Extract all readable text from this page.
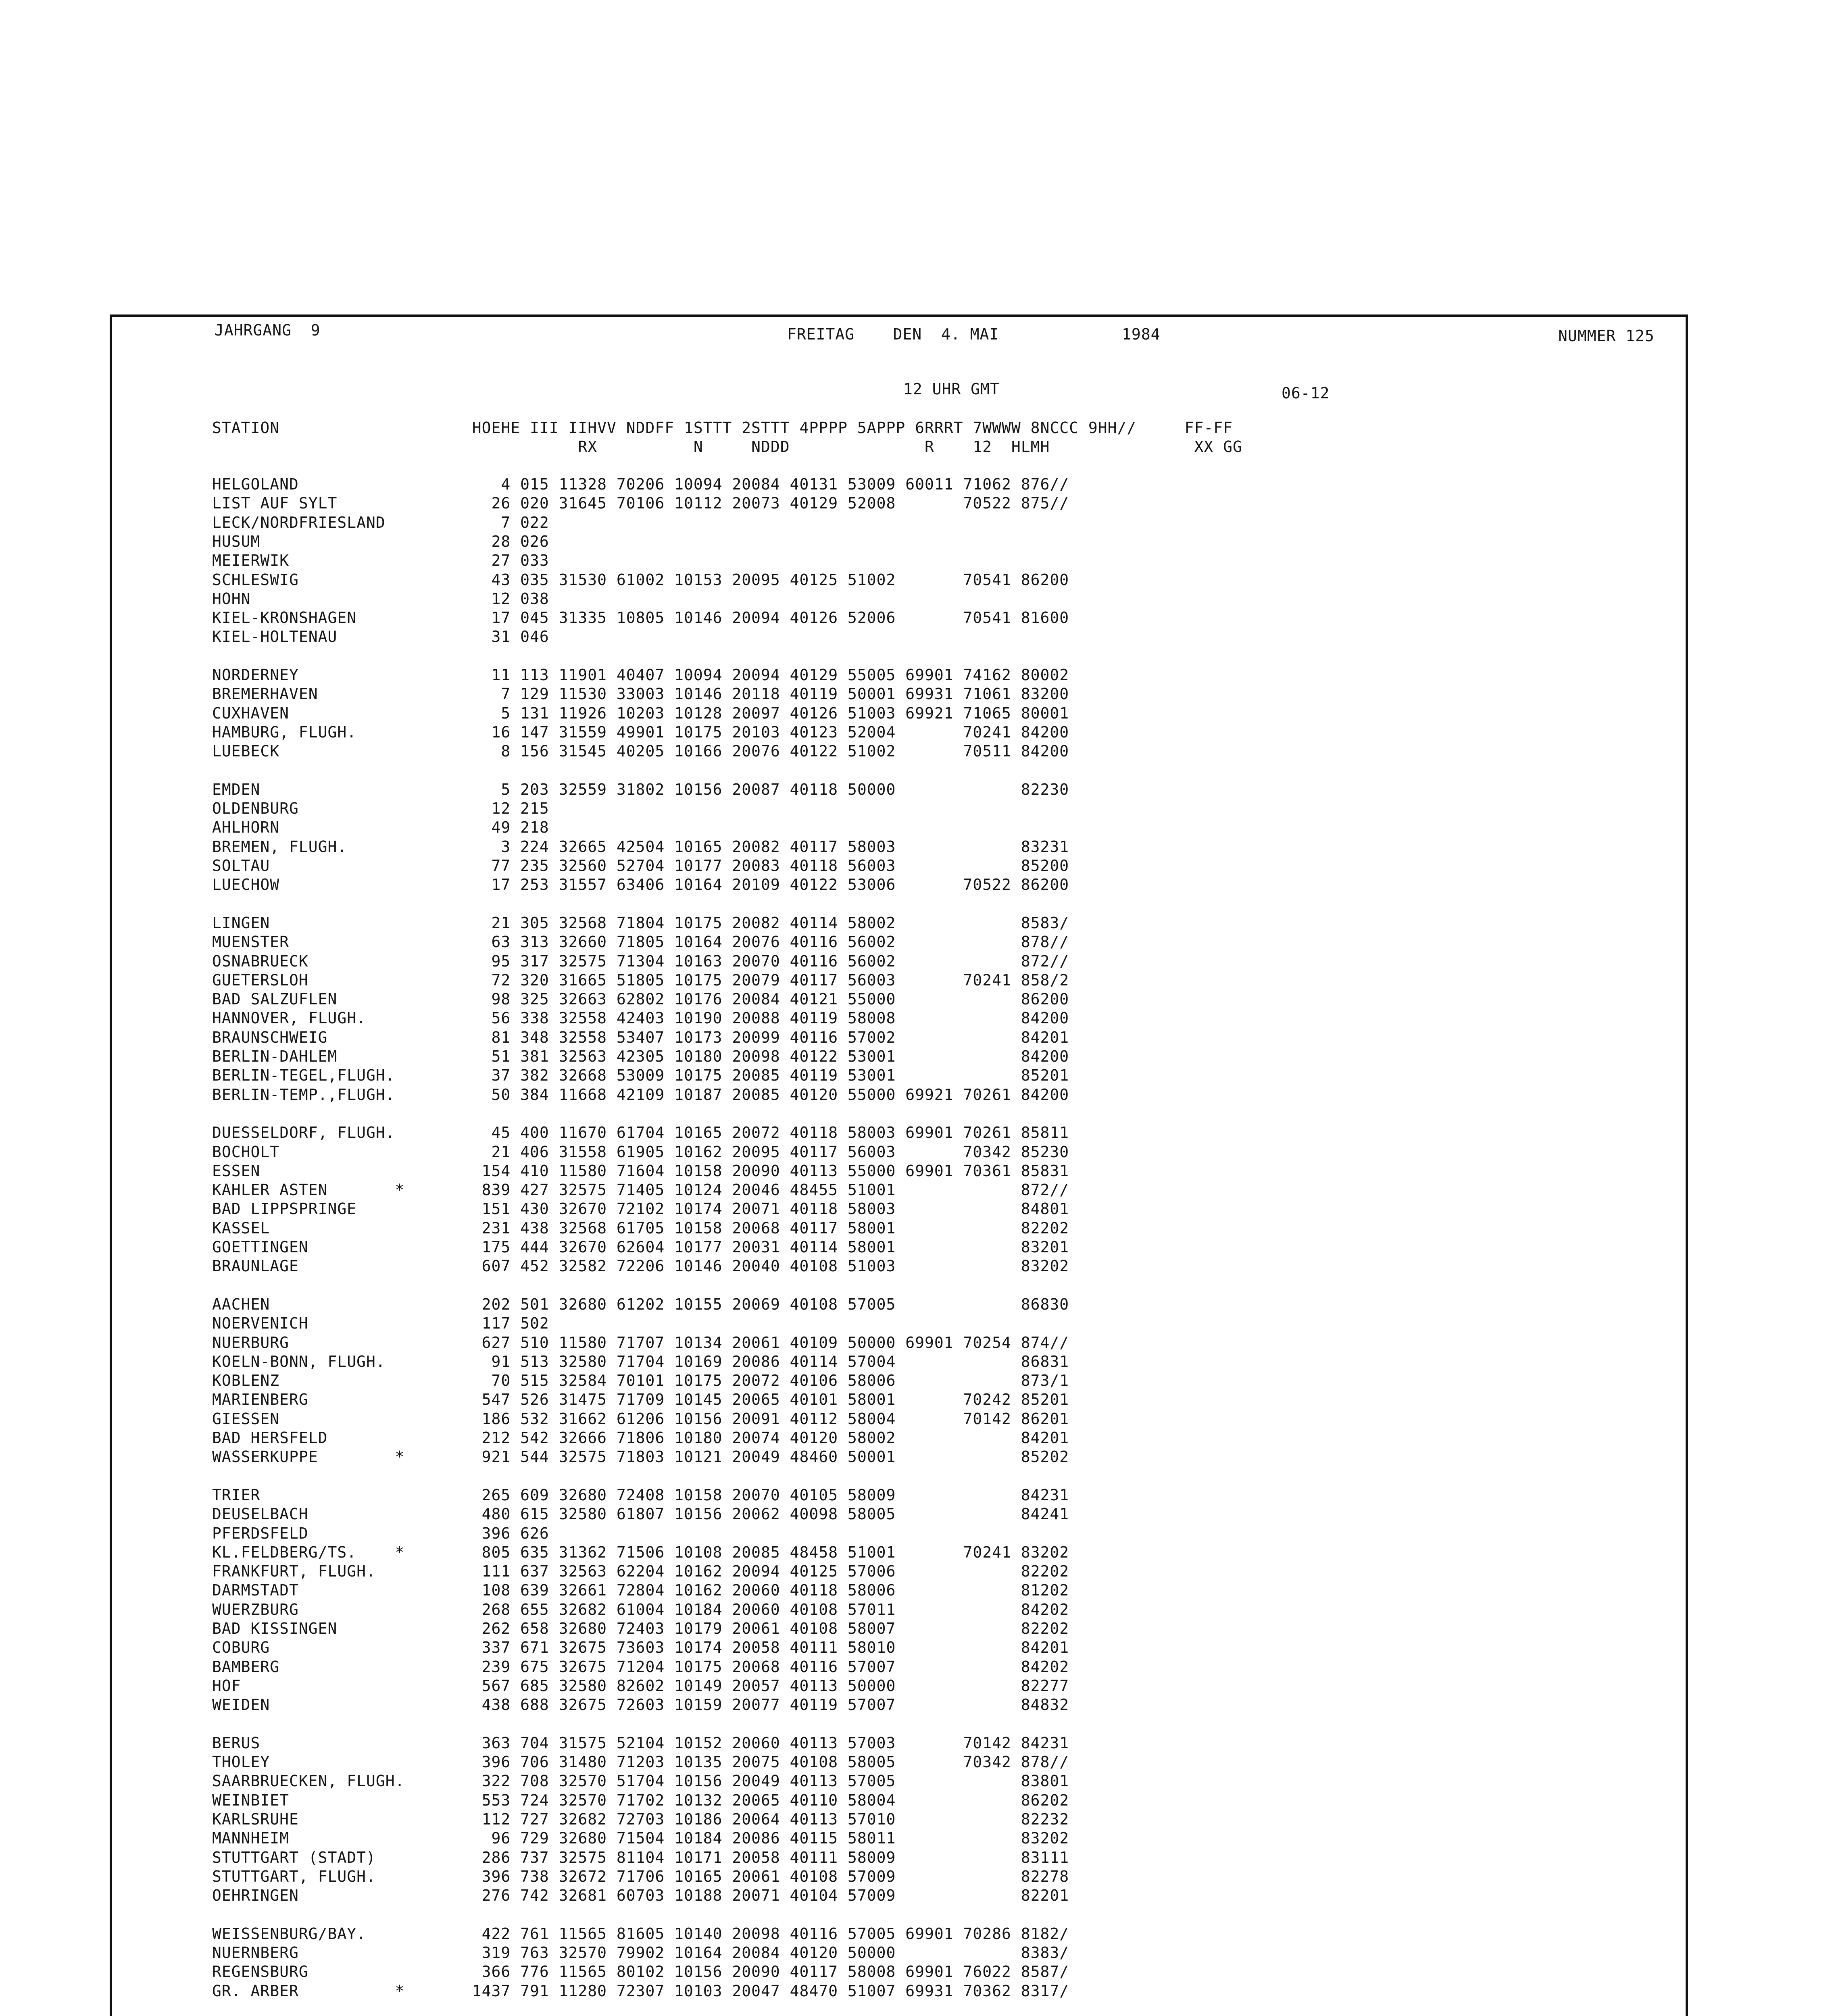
JAHRGANG  9	FREITAG    DEN  4. MAI	1984	NUMMER 125
12 UHR GMT	06-12
STATION                    HOEHE III IIHVV NDDFF 1STTT 2STTT 4PPPP 5APPP 6RRRT 7WWWW 8NCCC 9HH//     FF-FF
RX          N     NDDD              R    12  HLMH               XX GG
HELGOLAND                     4 015 11328 70206 10094 20084 40131 53009 60011 71062 876//
LIST AUF SYLT                26 020 31645 70106 10112 20073 40129 52008       70522 875//
LECK/NORDFRIESLAND            7 022
HUSUM                        28 026
MEIERWIK                     27 033
SCHLESWIG                    43 035 31530 61002 10153 20095 40125 51002       70541 86200
HOHN                         12 038
KIEL-KRONSHAGEN              17 045 31335 10805 10146 20094 40126 52006       70541 81600
KIEL-HOLTENAU                31 046
NORDERNEY                    11 113 11901 40407 10094 20094 40129 55005 69901 74162 80002
BREMERHAVEN                   7 129 11530 33003 10146 20118 40119 50001 69931 71061 83200
CUXHAVEN                      5 131 11926 10203 10128 20097 40126 51003 69921 71065 80001
HAMBURG, FLUGH.              16 147 31559 49901 10175 20103 40123 52004       70241 84200
LUEBECK                       8 156 31545 40205 10166 20076 40122 51002       70511 84200
EMDEN                         5 203 32559 31802 10156 20087 40118 50000             82230
OLDENBURG                    12 215
AHLHORN                      49 218
BREMEN, FLUGH.                3 224 32665 42504 10165 20082 40117 58003             83231
SOLTAU                       77 235 32560 52704 10177 20083 40118 56003             85200
LUECHOW                      17 253 31557 63406 10164 20109 40122 53006       70522 86200
LINGEN                       21 305 32568 71804 10175 20082 40114 58002             8583/
MUENSTER                     63 313 32660 71805 10164 20076 40116 56002             878//
OSNABRUECK                   95 317 32575 71304 10163 20070 40116 56002             872//
GUETERSLOH                   72 320 31665 51805 10175 20079 40117 56003       70241 858/2
BAD SALZUFLEN                98 325 32663 62802 10176 20084 40121 55000             86200
HANNOVER, FLUGH.             56 338 32558 42403 10190 20088 40119 58008             84200
BRAUNSCHWEIG                 81 348 32558 53407 10173 20099 40116 57002             84201
BERLIN-DAHLEM                51 381 32563 42305 10180 20098 40122 53001             84200
BERLIN-TEGEL,FLUGH.          37 382 32668 53009 10175 20085 40119 53001             85201
BERLIN-TEMP.,FLUGH.          50 384 11668 42109 10187 20085 40120 55000 69921 70261 84200
DUESSELDORF, FLUGH.          45 400 11670 61704 10165 20072 40118 58003 69901 70261 85811
BOCHOLT                      21 406 31558 61905 10162 20095 40117 56003       70342 85230
ESSEN                       154 410 11580 71604 10158 20090 40113 55000 69901 70361 85831
KAHLER ASTEN       *        839 427 32575 71405 10124 20046 48455 51001             872//
BAD LIPPSPRINGE             151 430 32670 72102 10174 20071 40118 58003             84801
KASSEL                      231 438 32568 61705 10158 20068 40117 58001             82202
GOETTINGEN                  175 444 32670 62604 10177 20031 40114 58001             83201
BRAUNLAGE                   607 452 32582 72206 10146 20040 40108 51003             83202
AACHEN                      202 501 32680 61202 10155 20069 40108 57005             86830
NOERVENICH                  117 502
NUERBURG                    627 510 11580 71707 10134 20061 40109 50000 69901 70254 874//
KOELN-BONN, FLUGH.           91 513 32580 71704 10169 20086 40114 57004             86831
KOBLENZ                      70 515 32584 70101 10175 20072 40106 58006             873/1
MARIENBERG                  547 526 31475 71709 10145 20065 40101 58001       70242 85201
GIESSEN                     186 532 31662 61206 10156 20091 40112 58004       70142 86201
BAD HERSFELD                212 542 32666 71806 10180 20074 40120 58002             84201
WASSERKUPPE        *        921 544 32575 71803 10121 20049 48460 50001             85202
TRIER                       265 609 32680 72408 10158 20070 40105 58009             84231
DEUSELBACH                  480 615 32580 61807 10156 20062 40098 58005             84241
PFERDSFELD                  396 626
KL.FELDBERG/TS.    *        805 635 31362 71506 10108 20085 48458 51001       70241 83202
FRANKFURT, FLUGH.           111 637 32563 62204 10162 20094 40125 57006             82202
DARMSTADT                   108 639 32661 72804 10162 20060 40118 58006             81202
WUERZBURG                   268 655 32682 61004 10184 20060 40108 57011             84202
BAD KISSINGEN               262 658 32680 72403 10179 20061 40108 58007             82202
COBURG                      337 671 32675 73603 10174 20058 40111 58010             84201
BAMBERG                     239 675 32675 71204 10175 20068 40116 57007             84202
HOF                         567 685 32580 82602 10149 20057 40113 50000             82277
WEIDEN                      438 688 32675 72603 10159 20077 40119 57007             84832
BERUS                       363 704 31575 52104 10152 20060 40113 57003       70142 84231
THOLEY                      396 706 31480 71203 10135 20075 40108 58005       70342 878//
SAARBRUECKEN, FLUGH.        322 708 32570 51704 10156 20049 40113 57005             83801
WEINBIET                    553 724 32570 71702 10132 20065 40110 58004             86202
KARLSRUHE                   112 727 32682 72703 10186 20064 40113 57010             82232
MANNHEIM                     96 729 32680 71504 10184 20086 40115 58011             83202
STUTTGART (STADT)           286 737 32575 81104 10171 20058 40111 58009             83111
STUTTGART, FLUGH.           396 738 32672 71706 10165 20061 40108 57009             82278
OEHRINGEN                   276 742 32681 60703 10188 20071 40104 57009             82201
WEISSENBURG/BAY.            422 761 11565 81605 10140 20098 40116 57005 69901 70286 8182/
NUERNBERG                   319 763 32570 79902 10164 20084 40120 50000             8383/
REGENSBURG                  366 776 11565 80102 10156 20090 40117 58008 69901 76022 8587/
GR. ARBER          *       1437 791 11280 72307 10103 20047 48470 51007 69931 70362 8317/
